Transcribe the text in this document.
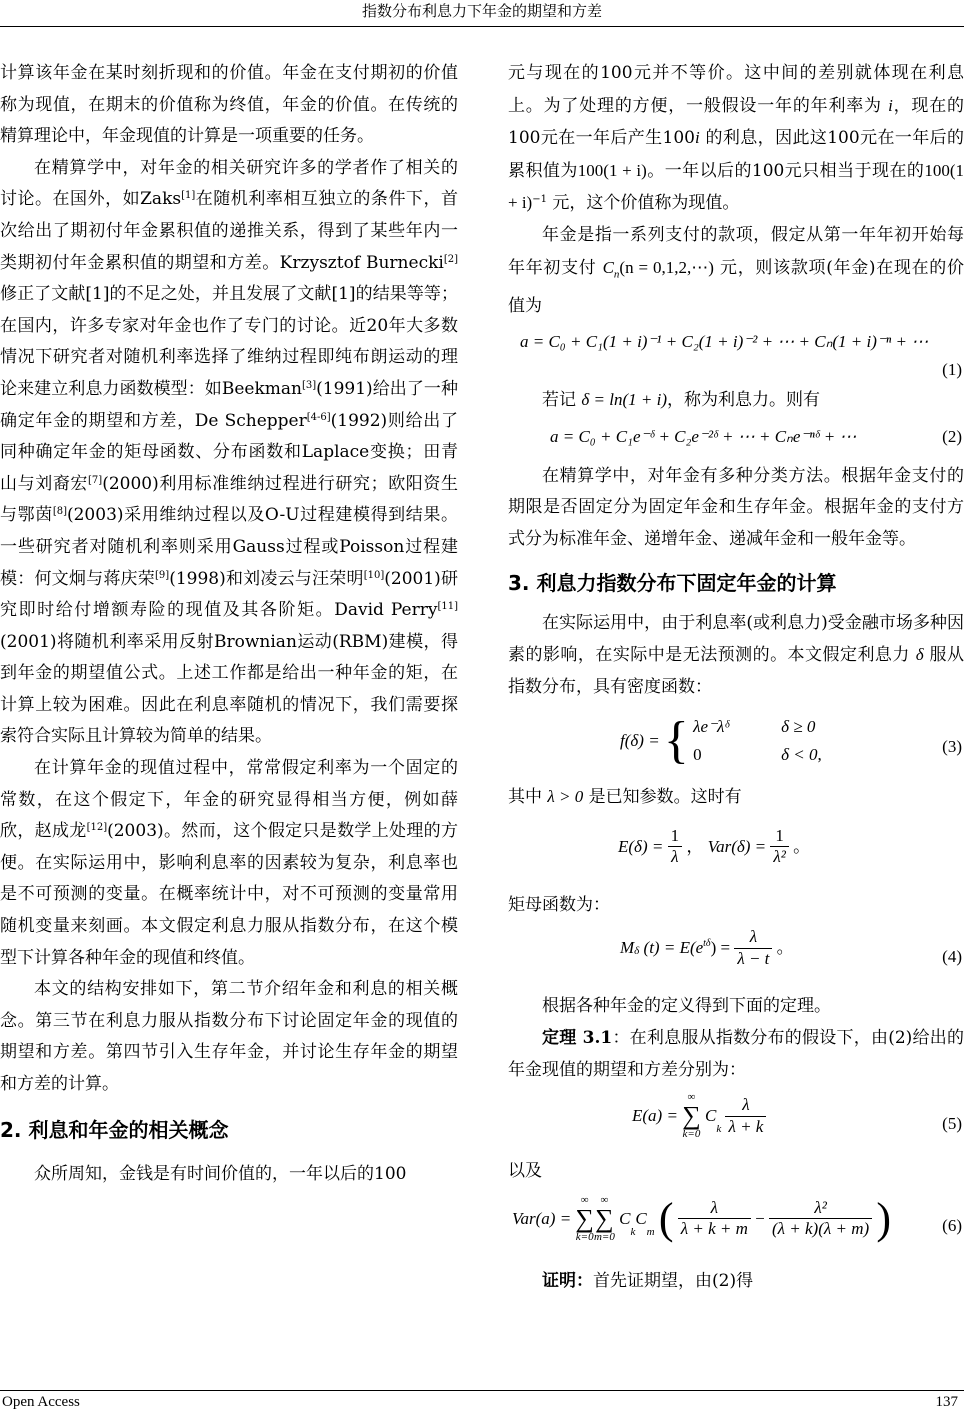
指数分布利息力下年金的期望和方差

计算该年金在某时刻折现和的价值。年金在支付期初的价值称为现值，在期末的价值称为终值，年金的价值。在传统的精算理论中，年金现值的计算是一项重要的任务。

在精算学中，对年金的相关研究许多的学者作了相关的讨论。在国外，如Zaks[1]在随机利率相互独立的条件下，首次给出了期初付年金累积值的递推关系，得到了某些年内一类期初付年金累积值的期望和方差。Krzysztof Burnecki[2]修正了文献[1]的不足之处，并且发展了文献[1]的结果等等；在国内，许多专家对年金也作了专门的讨论。近20年大多数情况下研究者对随机利率选择了维纳过程即纯布朗运动的理论来建立利息力函数模型：如Beekman[3](1991)给出了一种确定年金的期望和方差，De Schepper[4-6](1992)则给出了同种确定年金的矩母函数、分布函数和Laplace变换；田青山与刘裔宏[7](2000)利用标准维纳过程进行研究；欧阳资生与鄂茵[8](2003)采用维纳过程以及O-U过程建模得到结果。一些研究者对随机利率则采用Gauss过程或Poisson过程建模：何文炯与蒋庆荣[9](1998)和刘凌云与汪荣明[10](2001)研究即时给付增额寿险的现值及其各阶矩。David Perry[11](2001)将随机利率采用反射Brownian运动(RBM)建模，得到年金的期望值公式。上述工作都是给出一种年金的矩，在计算上较为困难。因此在利息率随机的情况下，我们需要探索符合实际且计算较为简单的结果。

在计算年金的现值过程中，常常假定利率为一个固定的常数，在这个假定下，年金的研究显得相当方便，例如薛欣，赵成龙[12](2003)。然而，这个假定只是数学上处理的方便。在实际运用中，影响利息率的因素较为复杂，利息率也是不可预测的变量。在概率统计中，对不可预测的变量常用随机变量来刻画。本文假定利息力服从指数分布，在这个模型下计算各种年金的现值和终值。

本文的结构安排如下，第二节介绍年金和利息的相关概念。第三节在利息力服从指数分布下讨论固定年金的现值的期望和方差。第四节引入生存年金，并讨论生存年金的期望和方差的计算。

2. 利息和年金的相关概念

众所周知，金钱是有时间价值的，一年以后的100

元与现在的100元并不等价。这中间的差别就体现在利息上。为了处理的方便，一般假设一年的年利率为 i，现在的100元在一年后产生100i 的利息，因此这100元在一年后的累积值为100(1 + i)。一年以后的100元只相当于现在的$100(1 + i)^{-1}$ 元，这个价值称为现值。

年金是指一系列支付的款项，假定从第一年年初开始每年年初支付 $C_n(n$ = 0,1,2,⋯) 元，则该款项(年金)在现在的价值为

a = C₀ + C₁(1 + i)⁻¹ + C₂(1 + i)⁻² + ⋯ + Cₙ(1 + i)⁻ⁿ + ⋯
(1)

若记 δ = ln(1 + i)，称为利息力。则有

a = C₀ + C₁e⁻ᵟ + C₂e⁻²ᵟ + ⋯ + Cₙe⁻ⁿᵟ + ⋯	(2)

在精算学中，对年金有多种分类方法。根据年金支付的期限是否固定分为固定年金和生存年金。根据年金的支付方式分为标准年金、递增年金、递减年金和一般年金等。

3. 利息力指数分布下固定年金的计算

在实际运用中，由于利息率(或利息力)受金融市场多种因素的影响，在实际中是无法预测的。本文假定利息力 δ 服从指数分布，具有密度函数：

f(δ) = { λe⁻λᵟ	δ ≥ 0
0	δ < 0,	(3)

其中 λ > 0 是已知参数。这时有

$E(\delta) = \frac{1}{\lambda}$ ， $Var(\delta) = \frac{1}{\text{λ²}}$ 。

矩母函数为：

$M_\delta$ $(t) = E(e^{t\delta}) = \frac{\lambda}{\lambda - t}$ 。	(4)

根据各种年金的定义得到下面的定理。

定理 3.1：在利息服从指数分布的假设下，由(2)给出的年金现值的期望和方差分别为：

E(a) = ∞
∑
k=0 $C_k \frac{\lambda}{\lambda + k}$	(5)

以及

Var(a) = ∞
∑
k=0∞
∑
m=0 $C_kC_m$ ( $\frac{\lambda}{\lambda + k + m} - \frac{\text{λ²}}{(\lambda + k)(\lambda + m)}$ )	(6)

证明：首先证期望，由(2)得

Open Access	137
